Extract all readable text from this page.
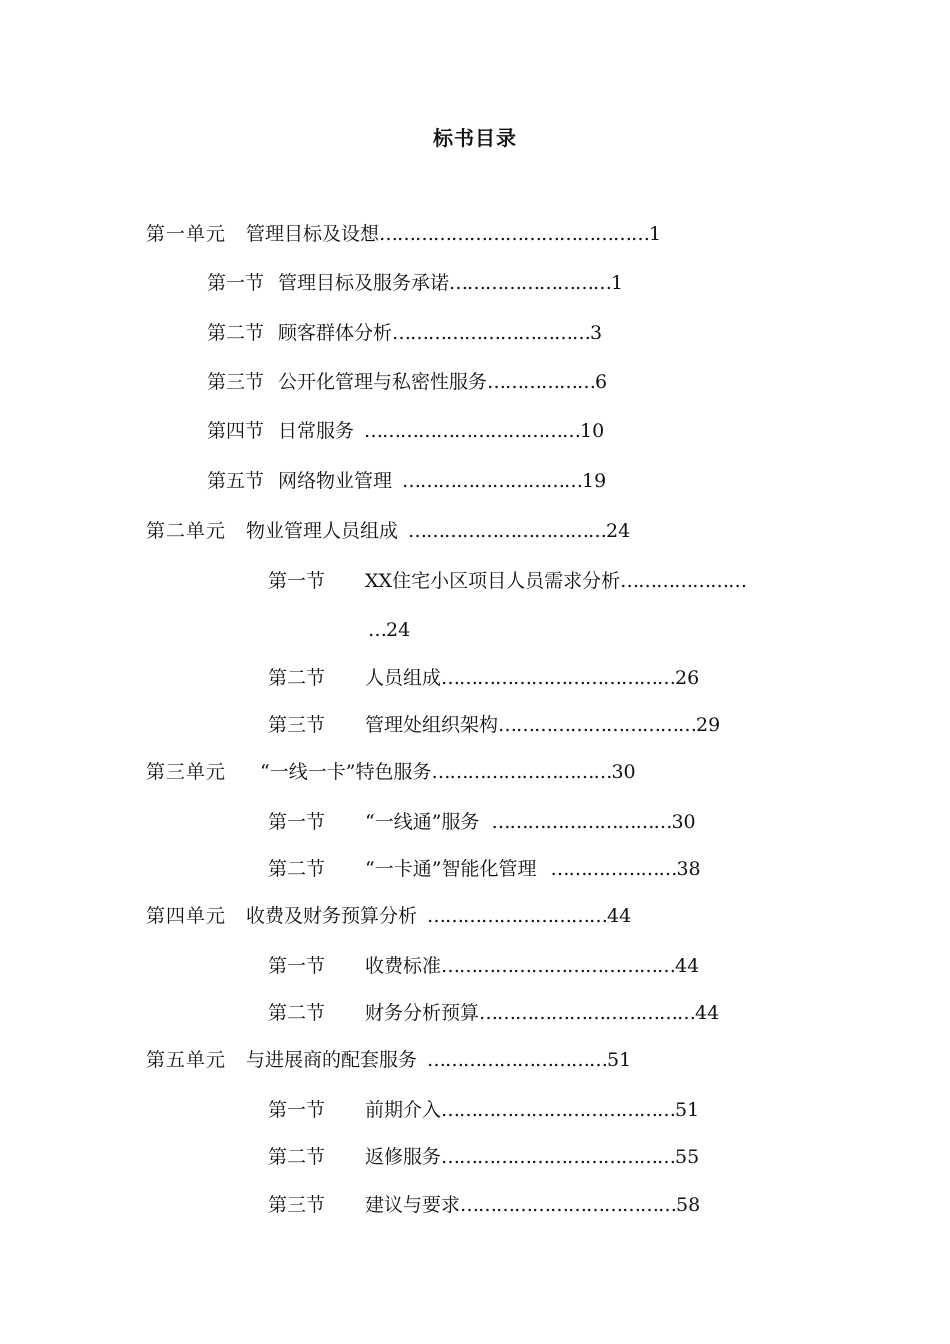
标书目录
第一单元 管理目标及设想………………………………………1
第一节 管理目标及服务承诺………………………1
第二节 顾客群体分析……………………………3
第三节 公开化管理与私密性服务………………6
第四节 日常服务 ………………………………10
第五节 网络物业管理 …………………………19
第二单元 物业管理人员组成 ……………………………24
第一节 XX住宅小区项目人员需求分析…………………
…24
第二节 人员组成…………………………………26
第三节 管理处组织架构……………………………29
第三单元 “一线一卡”特色服务…………………………30
第一节 “一线通”服务 …………………………30
第二节 “一卡通”智能化管理 …………………38
第四单元 收费及财务预算分析 …………………………44
第一节 收费标准…………………………………44
第二节 财务分析预算………………………………44
第五单元 与进展商的配套服务 …………………………51
第一节 前期介入…………………………………51
第二节 返修服务…………………………………55
第三节 建议与要求………………………………58
